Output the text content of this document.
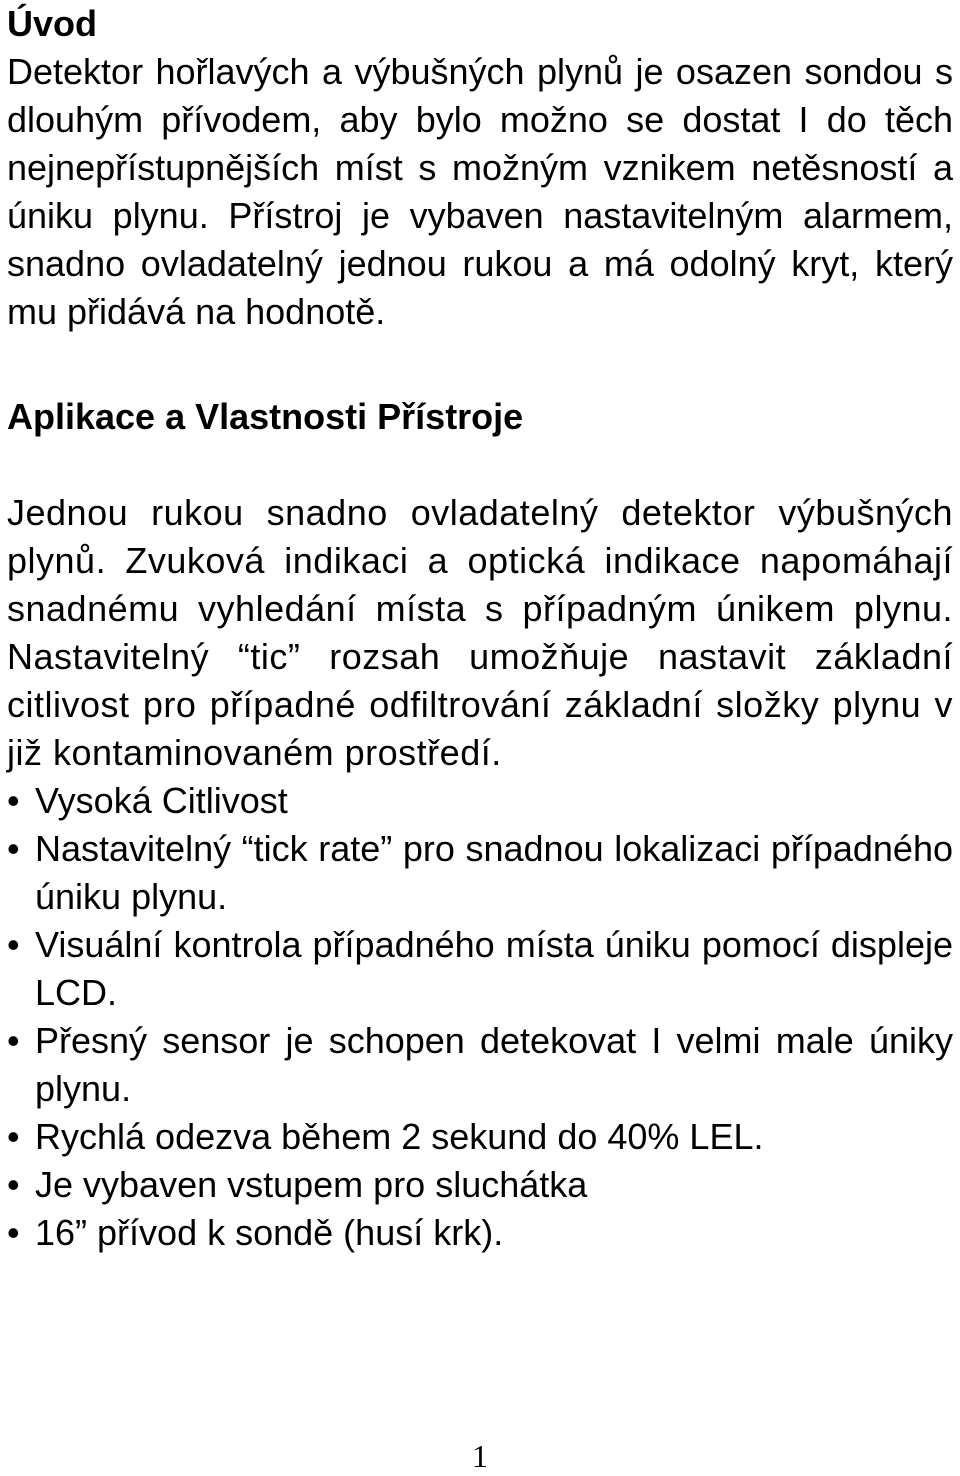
Úvod

Detektor hořlavých a výbušných plynů je osazen sondou s dlouhým přívodem, aby bylo možno se dostat I do těch nejnepřístupnějších míst s možným vznikem netěsností a úniku plynu. Přístroj je vybaven nastavitelným alarmem, snadno ovladatelný jednou rukou a má odolný kryt, který mu přidává na hodnotě.

Aplikace a Vlastnosti Přístroje

Jednou rukou snadno ovladatelný detektor výbušných plynů. Zvuková indikaci a optická indikace napomáhají snadnému vyhledání místa s případným únikem plynu. Nastavitelný “tic” rozsah umožňuje nastavit základní citlivost pro případné odfiltrování základní složky plynu v již kontaminovaném prostředí.

• Vysoká Citlivost
• Nastavitelný “tick rate” pro snadnou lokalizaci případného úniku plynu.
• Visuální kontrola případného místa úniku pomocí displeje LCD.
• Přesný sensor je schopen detekovat I velmi male úniky plynu.
• Rychlá odezva během 2 sekund do 40% LEL.
• Je vybaven vstupem pro sluchátka
• 16” přívod k sondě (husí krk).
1
